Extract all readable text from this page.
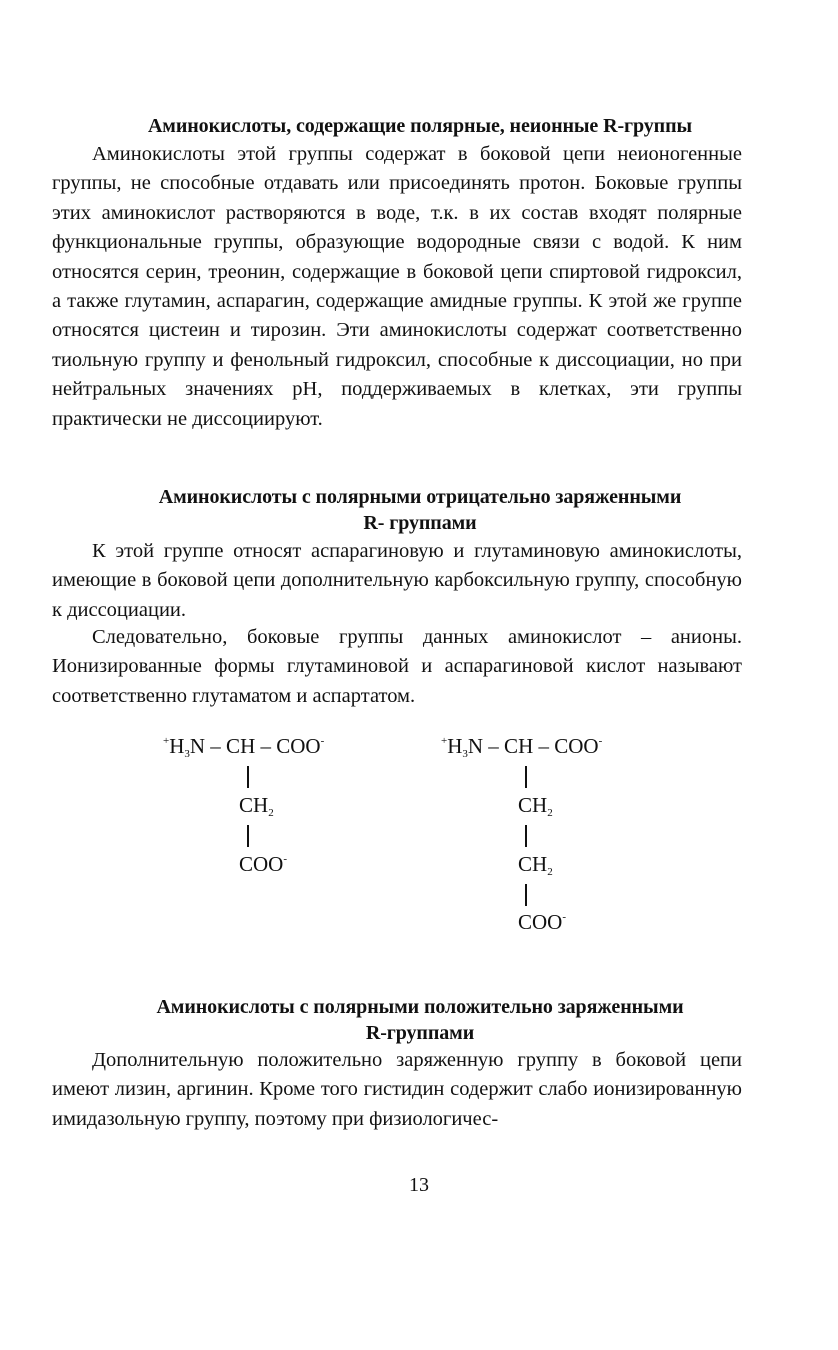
Аминокислоты, содержащие полярные, неионные R-группы

Аминокислоты этой группы содержат в боковой цепи неионогенные группы, не способные отдавать или присоединять протон. Боковые группы этих аминокислот растворяются в воде, т.к. в их состав входят полярные функциональные группы, образующие водородные связи с водой. К ним относятся серин, треонин, содержащие в боковой цепи спиртовой гидроксил, а также глутамин, аспарагин, содержащие амидные группы. К этой же группе относятся цистеин и тирозин. Эти аминокислоты содержат соответственно тиольную группу и фенольный гидроксил, способные к диссоциации, но при нейтральных значениях pH, поддерживаемых в клетках, эти группы практически не диссоциируют.

Аминокислоты с полярными отрицательно заряженными
R- группами

К этой группе относят аспарагиновую и глутаминовую аминокислоты, имеющие в боковой цепи дополнительную карбоксильную группу, способную к диссоциации.

Следовательно, боковые группы данных аминокислот – анионы. Ионизированные формы глутаминовой и аспарагиновой кислот называют соответственно глутаматом и аспартатом.

$^+H_3N$ – CH – COO-
$CH_2$
COO-
$^+H_3N$ – CH – COO-
$CH_2$
$CH_2$
COO-
Аминокислоты с полярными положительно заряженными
R-группами

Дополнительную положительно заряженную группу в боковой цепи имеют лизин, аргинин. Кроме того гистидин содержит слабо ионизированную имидазольную группу, поэтому при физиологичес-

13
